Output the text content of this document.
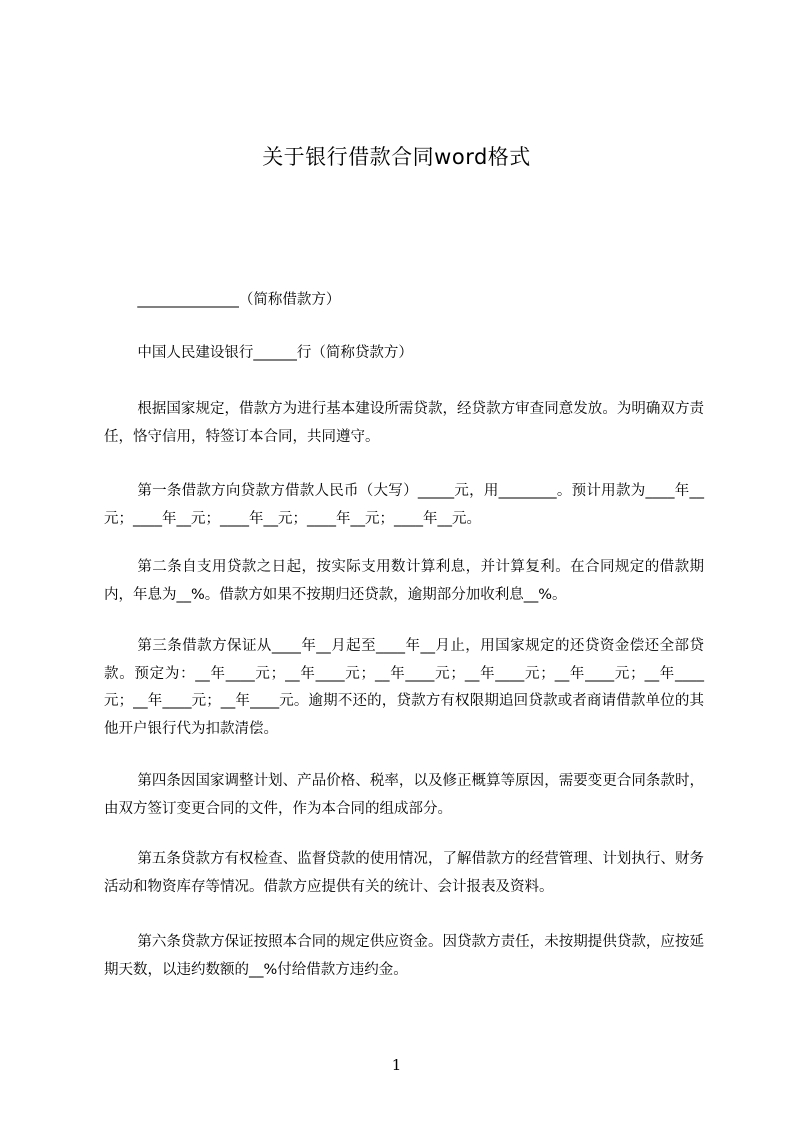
关于银行借款合同word格式

______________（简称借款方）

中国人民建设银行______行（简称贷款方）

根据国家规定，借款方为进行基本建设所需贷款，经贷款方审查同意发放。为明确双方责任，恪守信用，特签订本合同，共同遵守。

第一条借款方向贷款方借款人民币（大写）_____元，用________。预计用款为____年__元；____年__元；____年__元；____年__元；____年__元。

第二条自支用贷款之日起，按实际支用数计算利息，并计算复利。在合同规定的借款期内，年息为__%。借款方如果不按期归还贷款，逾期部分加收利息__%。

第三条借款方保证从____年__月起至____年__月止，用国家规定的还贷资金偿还全部贷款。预定为：__年____元；__年____元；__年____元；__年____元；__年____元；__年____元；__年____元；__年____元。逾期不还的，贷款方有权限期追回贷款或者商请借款单位的其他开户银行代为扣款清偿。

第四条因国家调整计划、产品价格、税率，以及修正概算等原因，需要变更合同条款时，由双方签订变更合同的文件，作为本合同的组成部分。

第五条贷款方有权检查、监督贷款的使用情况，了解借款方的经营管理、计划执行、财务活动和物资库存等情况。借款方应提供有关的统计、会计报表及资料。

第六条贷款方保证按照本合同的规定供应资金。因贷款方责任，未按期提供贷款，应按延期天数，以违约数额的__%付给借款方违约金。

1
